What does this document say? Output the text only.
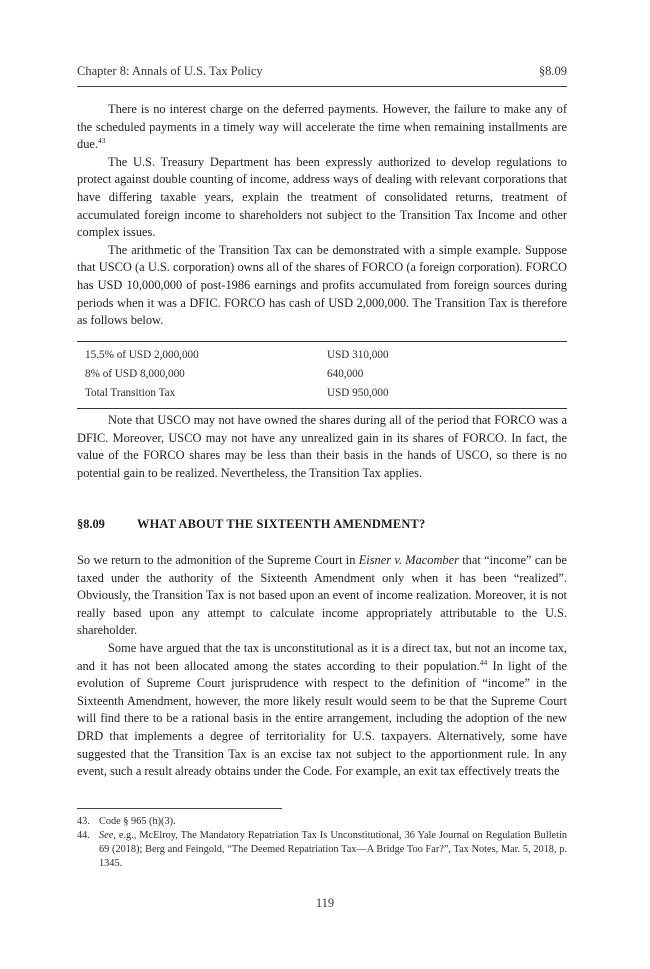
Chapter 8: Annals of U.S. Tax Policy	§8.09

There is no interest charge on the deferred payments. However, the failure to make any of the scheduled payments in a timely way will accelerate the time when remaining installments are due.$^{43}$

The U.S. Treasury Department has been expressly authorized to develop regulations to protect against double counting of income, address ways of dealing with relevant corporations that have differing taxable years, explain the treatment of consolidated returns, treatment of accumulated foreign income to shareholders not subject to the Transition Tax Income and other complex issues.

The arithmetic of the Transition Tax can be demonstrated with a simple example. Suppose that USCO (a U.S. corporation) owns all of the shares of FORCO (a foreign corporation). FORCO has USD 10,000,000 of post-1986 earnings and profits accumulated from foreign sources during periods when it was a DFIC. FORCO has cash of USD 2,000,000. The Transition Tax is therefore as follows below.

15.5% of USD 2,000,000	USD 310,000
8% of USD 8,000,000	640,000
Total Transition Tax	USD 950,000

Note that USCO may not have owned the shares during all of the period that FORCO was a DFIC. Moreover, USCO may not have any unrealized gain in its shares of FORCO. In fact, the value of the FORCO shares may be less than their basis in the hands of USCO, so there is no potential gain to be realized. Nevertheless, the Transition Tax applies.

§8.09	WHAT ABOUT THE SIXTEENTH AMENDMENT?

So we return to the admonition of the Supreme Court in Eisner v. Macomber that “income” can be taxed under the authority of the Sixteenth Amendment only when it has been “realized”. Obviously, the Transition Tax is not based upon an event of income realization. Moreover, it is not really based upon any attempt to calculate income appropriately attributable to the U.S. shareholder.

Some have argued that the tax is unconstitutional as it is a direct tax, but not an income tax, and it has not been allocated among the states according to their population.$^{44}$ In light of the evolution of Supreme Court jurisprudence with respect to the definition of “income” in the Sixteenth Amendment, however, the more likely result would seem to be that the Supreme Court will find there to be a rational basis in the entire arrangement, including the adoption of the new DRD that implements a degree of territoriality for U.S. taxpayers. Alternatively, some have suggested that the Transition Tax is an excise tax not subject to the apportionment rule. In any event, such a result already obtains under the Code. For example, an exit tax effectively treats the

43. Code § 965 (h)(3).
44. See, e.g., McElroy, The Mandatory Repatriation Tax Is Unconstitutional, 36 Yale Journal on Regulation Bulletin 69 (2018); Berg and Feingold, “The Deemed Repatriation Tax—A Bridge Too Far?”, Tax Notes, Mar. 5, 2018, p. 1345.
119
